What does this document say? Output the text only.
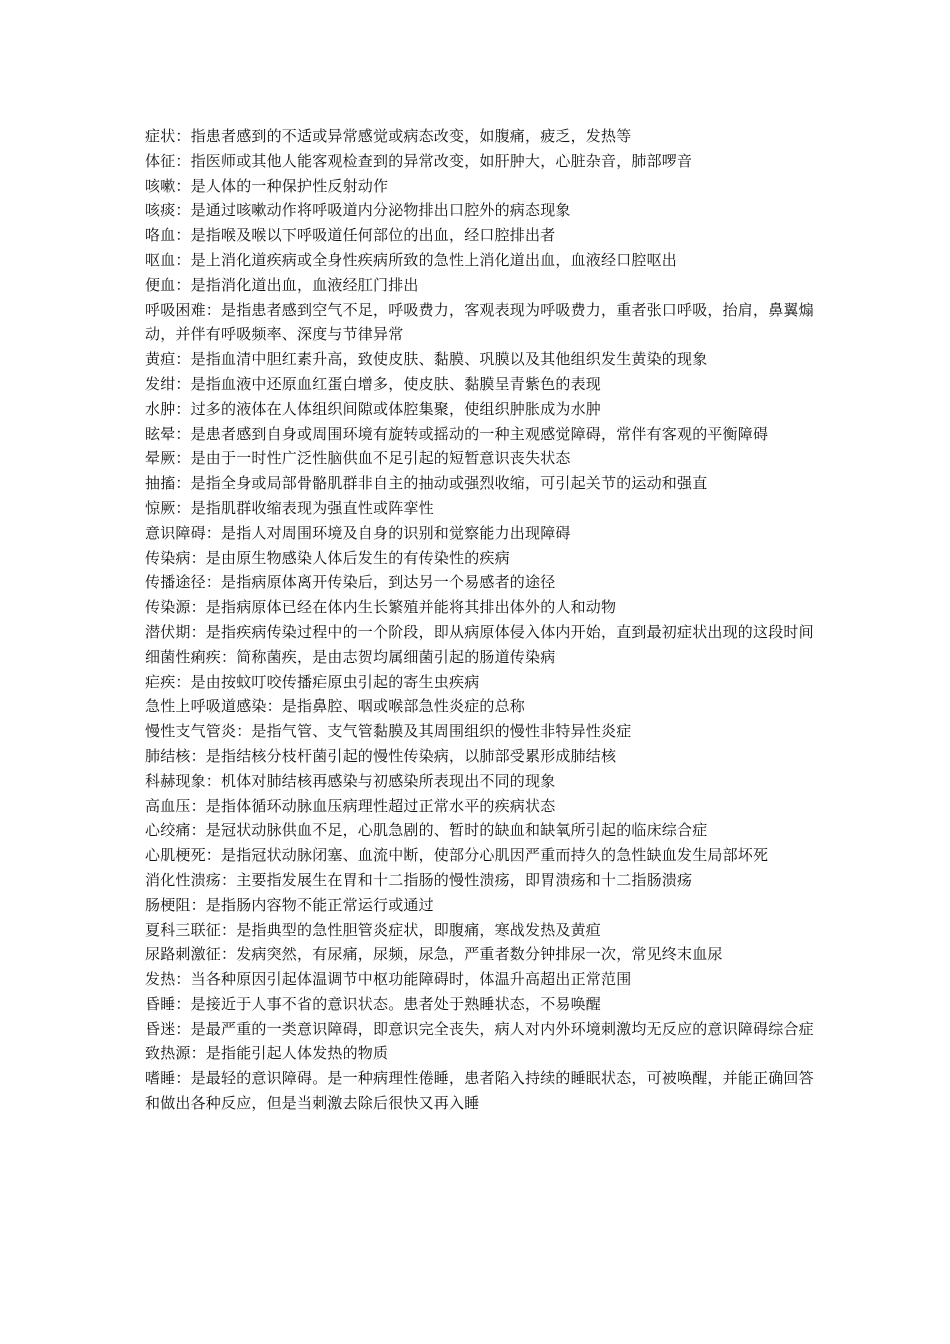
症状：指患者感到的不适或异常感觉或病态改变，如腹痛，疲乏，发热等

体征：指医师或其他人能客观检查到的异常改变，如肝肿大，心脏杂音，肺部啰音

咳嗽：是人体的一种保护性反射动作

咳痰：是通过咳嗽动作将呼吸道内分泌物排出口腔外的病态现象

咯血：是指喉及喉以下呼吸道任何部位的出血，经口腔排出者

呕血：是上消化道疾病或全身性疾病所致的急性上消化道出血，血液经口腔呕出

便血：是指消化道出血，血液经肛门排出

呼吸困难：是指患者感到空气不足，呼吸费力，客观表现为呼吸费力，重者张口呼吸，抬肩，鼻翼煽动，并伴有呼吸频率、深度与节律异常

黄疸：是指血清中胆红素升高，致使皮肤、黏膜、巩膜以及其他组织发生黄染的现象

发绀：是指血液中还原血红蛋白增多，使皮肤、黏膜呈青紫色的表现

水肿：过多的液体在人体组织间隙或体腔集聚，使组织肿胀成为水肿

眩晕：是患者感到自身或周围环境有旋转或摇动的一种主观感觉障碍，常伴有客观的平衡障碍

晕厥：是由于一时性广泛性脑供血不足引起的短暂意识丧失状态

抽搐：是指全身或局部骨骼肌群非自主的抽动或强烈收缩，可引起关节的运动和强直

惊厥：是指肌群收缩表现为强直性或阵挛性

意识障碍：是指人对周围环境及自身的识别和觉察能力出现障碍

传染病：是由原生物感染人体后发生的有传染性的疾病

传播途径：是指病原体离开传染后，到达另一个易感者的途径

传染源：是指病原体已经在体内生长繁殖并能将其排出体外的人和动物

潜伏期：是指疾病传染过程中的一个阶段，即从病原体侵入体内开始，直到最初症状出现的这段时间

细菌性痢疾：简称菌疾，是由志贺均属细菌引起的肠道传染病

疟疾：是由按蚊叮咬传播疟原虫引起的寄生虫疾病

急性上呼吸道感染：是指鼻腔、咽或喉部急性炎症的总称

慢性支气管炎：是指气管、支气管黏膜及其周围组织的慢性非特异性炎症

肺结核：是指结核分枝杆菌引起的慢性传染病，以肺部受累形成肺结核

科赫现象：机体对肺结核再感染与初感染所表现出不同的现象

高血压：是指体循环动脉血压病理性超过正常水平的疾病状态

心绞痛：是冠状动脉供血不足，心肌急剧的、暂时的缺血和缺氧所引起的临床综合症

心肌梗死：是指冠状动脉闭塞、血流中断，使部分心肌因严重而持久的急性缺血发生局部坏死

消化性溃疡：主要指发展生在胃和十二指肠的慢性溃疡，即胃溃疡和十二指肠溃疡

肠梗阻：是指肠内容物不能正常运行或通过

夏科三联征：是指典型的急性胆管炎症状，即腹痛，寒战发热及黄疸

尿路刺激征：发病突然，有尿痛，尿频，尿急，严重者数分钟排尿一次，常见终末血尿

发热：当各种原因引起体温调节中枢功能障碍时，体温升高超出正常范围

昏睡：是接近于人事不省的意识状态。患者处于熟睡状态，不易唤醒

昏迷：是最严重的一类意识障碍，即意识完全丧失，病人对内外环境刺激均无反应的意识障碍综合症

致热源：是指能引起人体发热的物质

嗜睡：是最轻的意识障碍。是一种病理性倦睡，患者陷入持续的睡眠状态，可被唤醒，并能正确回答和做出各种反应，但是当刺激去除后很快又再入睡
